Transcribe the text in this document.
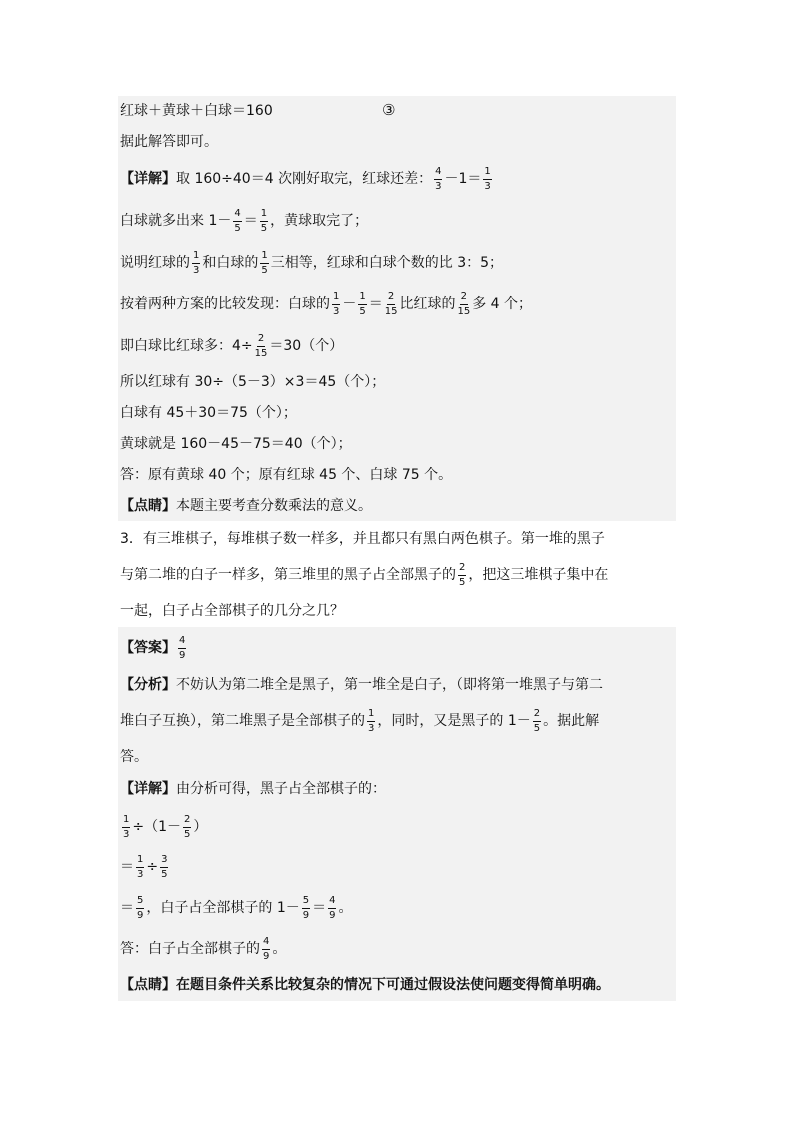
红球＋黄球＋白球＝160	③
据此解答即可。
【详解】 取 160÷40＝4 次刚好取完，红球还差： $\frac{4}{3} -1= \frac{1}{3}$
白球就多出来 $1- \frac{4}{5} = \frac{1}{5}$ ，黄球取完了；
说明红球的 $\frac{1}{3}$ 和白球的 $\frac{1}{5}$ 三相等，红球和白球个数的比 3：5；
按着两种方案的比较发现：白球的 $\frac{1}{3} - \frac{1}{5} = \frac{2}{15}$ 比红球的 $\frac{2}{15}$ 多 4 个；
即白球比红球多：$4\div \frac{2}{15} =30$（个）
所以红球有 30÷（5－3）×3＝45（个）；
白球有 45＋30＝75（个）；
黄球就是 160－45－75＝40（个）；
答：原有黄球 40 个；原有红球 45 个、白球 75 个。
【点睛】 本题主要考查分数乘法的意义。
3．有三堆棋子，每堆棋子数一样多，并且都只有黑白两色棋子。第一堆的黑子
与第二堆的白子一样多，第三堆里的黑子占全部黑子的 $\frac{2}{5}$ ，把这三堆棋子集中在
一起，白子占全部棋子的几分之几？
【答案】 $\frac{4}{9}$
【分析】 不妨认为第二堆全是黑子，第一堆全是白子，（即将第一堆黑子与第二
堆白子互换），第二堆黑子是全部棋子的 $\frac{1}{3}$ ，同时，又是黑子的 $1- \frac{2}{5}$ 。据此解
答。
【详解】 由分析可得，黑子占全部棋子的：
$\frac{1}{3} \div(1- \frac{2}{5}$ ）
＝ $\frac{1}{3} \div \frac{3}{5}$
＝ $\frac{5}{9}$ ，白子占全部棋子的 $1- \frac{5}{9} = \frac{4}{9}$ 。
答：白子占全部棋子的 $\frac{4}{9}$ 。
【点睛】 在题目条件关系比较复杂的情况下可通过假设法使问题变得简单明确。
